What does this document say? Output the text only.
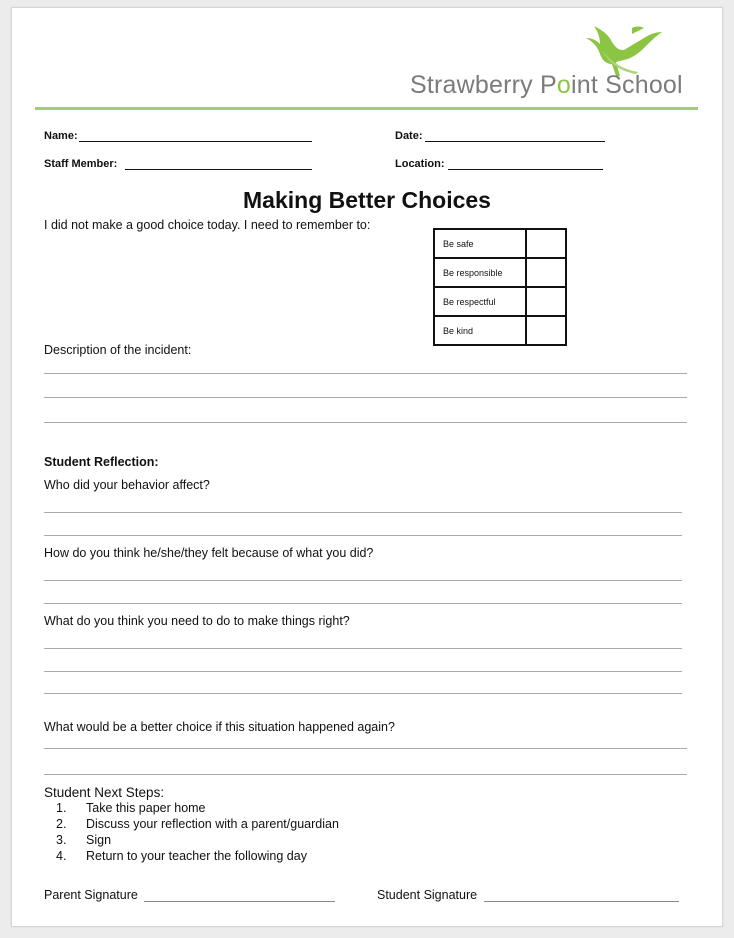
Strawberry Point School
Name:	Date:
Staff Member:	Location:
Making Better Choices
I did not make a good choice today. I need to remember to:
Be safe	
Be responsible	
Be respectful	
Be kind	
Description of the incident:
Student Reflection:
Who did your behavior affect?
How do you think he/she/they felt because of what you did?
What do you think you need to do to make things right?
What would be a better choice if this situation happened again?
Student Next Steps:
1. Take this paper home
2. Discuss your reflection with a parent/guardian
3. Sign
4. Return to your teacher the following day
Parent Signature	Student Signature
